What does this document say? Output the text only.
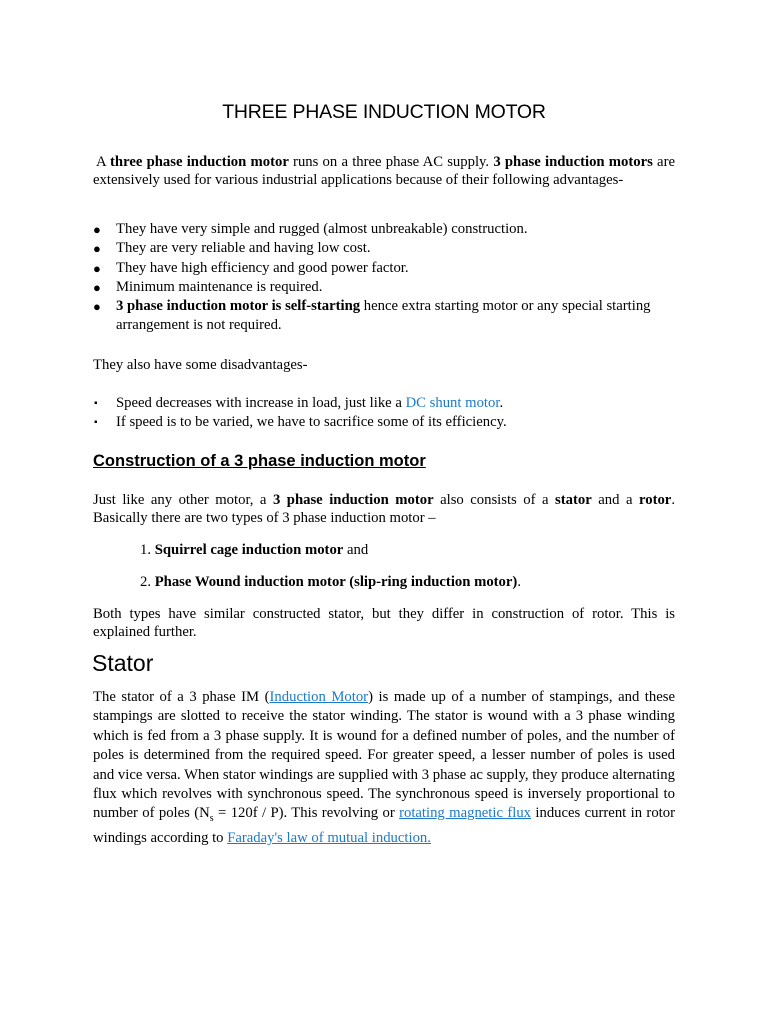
THREE PHASE INDUCTION MOTOR

A three phase induction motor runs on a three phase AC supply. 3 phase induction motors are extensively used for various industrial applications because of their following advantages-

● They have very simple and rugged (almost unbreakable) construction.
● They are very reliable and having low cost.
● They have high efficiency and good power factor.
● Minimum maintenance is required.
● 3 phase induction motor is self-starting hence extra starting motor or any special starting arrangement is not required.

They also have some disadvantages-

▪ Speed decreases with increase in load, just like a DC shunt motor.
▪ If speed is to be varied, we have to sacrifice some of its efficiency.
Construction of a 3 phase induction motor

Just like any other motor, a 3 phase induction motor also consists of a stator and a rotor. Basically there are two types of 3 phase induction motor –

1. Squirrel cage induction motor and
2. Phase Wound induction motor (slip-ring induction motor).

Both types have similar constructed stator, but they differ in construction of rotor. This is explained further.

Stator

The stator of a 3 phase IM (Induction Motor) is made up of a number of stampings, and these stampings are slotted to receive the stator winding. The stator is wound with a 3 phase winding which is fed from a 3 phase supply. It is wound for a defined number of poles, and the number of poles is determined from the required speed. For greater speed, a lesser number of poles is used and vice versa. When stator windings are supplied with 3 phase ac supply, they produce alternating flux which revolves with synchronous speed. The synchronous speed is inversely proportional to number of poles $(N_s = 120f / P)$. This revolving or rotating magnetic flux induces current in rotor windings according to Faraday's law of mutual induction.
